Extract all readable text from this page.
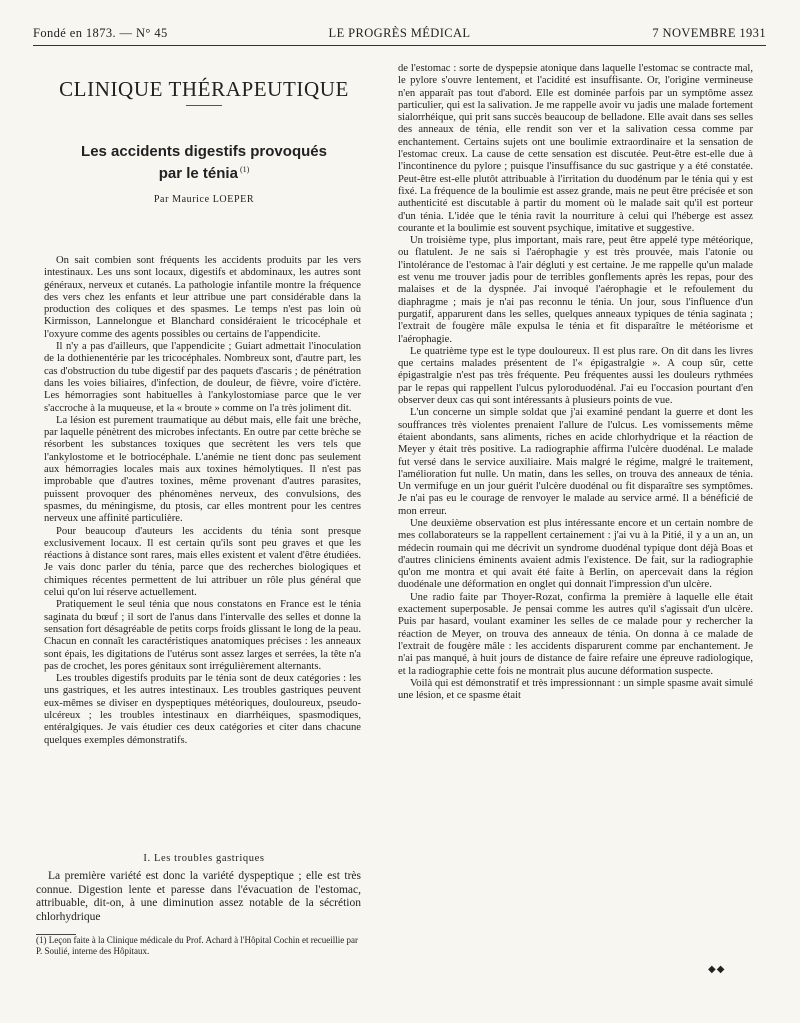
Fondé en 1873. — N° 45	LE PROGRÈS MÉDICAL	7 NOVEMBRE 1931
CLINIQUE THÉRAPEUTIQUE
Les accidents digestifs provoqués
par le ténia $^{(1)}$
Par Maurice LOEPER

On sait combien sont fréquents les accidents produits par les vers intestinaux. Les uns sont locaux, digestifs et abdominaux, les autres sont généraux, nerveux et cutanés. La pathologie infantile montre la fréquence des vers chez les enfants et leur attribue une part considérable dans la production des coliques et des spasmes. Le temps n'est pas loin où Kirmisson, Lannelongue et Blanchard considéraient le tricocéphale et l'oxyure comme des agents possibles ou certains de l'appendicite.

Il n'y a pas d'ailleurs, que l'appendicite ; Guiart admettait l'inoculation de la dothienentérie par les tricocéphales. Nombreux sont, d'autre part, les cas d'obstruction du tube digestif par des paquets d'ascaris ; de pénétration dans les voies biliaires, d'infection, de douleur, de fièvre, voire d'ictère. Les hémorragies sont habituelles à l'ankylostomiase parce que le ver s'accroche à la muqueuse, et la « broute » comme on l'a très joliment dit.

La lésion est purement traumatique au début mais, elle fait une brèche, par laquelle pénètrent des microbes infectants. En outre par cette brèche se résorbent les substances toxiques que secrètent les vers tels que l'ankylostome et le botriocéphale. L'anémie ne tient donc pas seulement aux hémorragies locales mais aux toxines hémolytiques. Il n'est pas improbable que d'autres toxines, même provenant d'autres parasites, puissent provoquer des phénomènes nerveux, des convulsions, des spasmes, du méningisme, du ptosis, car elles montrent pour les centres nerveux une affinité particulière.

Pour beaucoup d'auteurs les accidents du ténia sont presque exclusivement locaux. Il est certain qu'ils sont peu graves et que les réactions à distance sont rares, mais elles existent et valent d'être étudiées. Je vais donc parler du ténia, parce que des recherches biologiques et chimiques récentes permettent de lui attribuer un rôle plus général que celui qu'on lui réserve actuellement.

Pratiquement le seul ténia que nous constatons en France est le ténia saginata du bœuf ; il sort de l'anus dans l'intervalle des selles et donne la sensation fort désagréable de petits corps froids glissant le long de la peau. Chacun en connaît les caractéristiques anatomiques précises : les anneaux sont épais, les digitations de l'utérus sont assez larges et serrées, la tête n'a pas de crochet, les pores génitaux sont irrégulièrement alternants.

Les troubles digestifs produits par le ténia sont de deux catégories : les uns gastriques, et les autres intestinaux. Les troubles gastriques peuvent eux-mêmes se diviser en dyspeptiques météoriques, douloureux, pseudo-ulcéreux ; les troubles intestinaux en diarrhéiques, spasmodiques, entéralgiques. Je vais étudier ces deux catégories et citer dans chacune quelques exemples démonstratifs.

I. Les troubles gastriques

La première variété est donc la variété dyspeptique ; elle est très connue. Digestion lente et paresse dans l'évacuation de l'estomac, attribuable, dit-on, à une diminution assez notable de la sécrétion chlorhydrique

(1) Leçon faite à la Clinique médicale du Prof. Achard à l'Hôpital Cochin et recueillie par P. Soulié, interne des Hôpitaux.

de l'estomac : sorte de dyspepsie atonique dans laquelle l'estomac se contracte mal, le pylore s'ouvre lentement, et l'acidité est insuffisante. Or, l'origine vermineuse n'en apparaît pas tout d'abord. Elle est dominée parfois par un symptôme assez particulier, qui est la salivation. Je me rappelle avoir vu jadis une malade fortement sialorrhéique, qui prit sans succès beaucoup de belladone. Elle avait dans ses selles des anneaux de ténia, elle rendit son ver et la salivation cessa comme par enchantement. Certains sujets ont une boulimie extraordinaire et la sensation de l'estomac creux. La cause de cette sensation est discutée. Peut-être est-elle due à l'incontinence du pylore ; puisque l'insuffisance du suc gastrique y a été constatée. Peut-être est-elle plutôt attribuable à l'irritation du duodénum par le ténia qui y est fixé. La fréquence de la boulimie est assez grande, mais ne peut être précisée et son authenticité est discutable à partir du moment où le malade sait qu'il est porteur d'un ténia. L'idée que le ténia ravit la nourriture à celui qui l'héberge est assez courante et la boulimie est souvent psychique, imitative et suggestive.

Un troisième type, plus important, mais rare, peut être appelé type météorique, ou flatulent. Je ne sais si l'aérophagie y est très prouvée, mais l'atonie ou l'intolérance de l'estomac à l'air dégluti y est certaine. Je me rappelle qu'un malade est venu me trouver jadis pour de terribles gonflements après les repas, pour des malaises et de la dyspnée. J'ai invoqué l'aérophagie et le refoulement du diaphragme ; mais je n'ai pas reconnu le ténia. Un jour, sous l'influence d'un purgatif, apparurent dans les selles, quelques anneaux typiques de ténia saginata ; l'extrait de fougère mâle expulsa le ténia et fit disparaître le météorisme et l'aérophagie.

Le quatrième type est le type douloureux. Il est plus rare. On dit dans les livres que certains malades présentent de l'« épigastralgie ». A coup sûr, cette épigastralgie n'est pas très fréquente. Peu fréquentes aussi les douleurs rythmées par le repas qui rappellent l'ulcus pyloroduodénal. J'ai eu l'occasion pourtant d'en observer deux cas qui sont intéressants à plusieurs points de vue.

L'un concerne un simple soldat que j'ai examiné pendant la guerre et dont les souffrances très violentes prenaient l'allure de l'ulcus. Les vomissements même étaient abondants, sans aliments, riches en acide chlorhydrique et la réaction de Meyer y était très positive. La radiographie affirma l'ulcère duodénal. Le malade fut versé dans le service auxiliaire. Mais malgré le régime, malgré le traitement, l'amélioration fut nulle. Un matin, dans les selles, on trouva des anneaux de ténia. Un vermifuge en un jour guérit l'ulcère duodénal ou fit disparaître ses symptômes. Je n'ai pas eu le courage de renvoyer le malade au service armé. Il a bénéficié de mon erreur.

Une deuxième observation est plus intéressante encore et un certain nombre de mes collaborateurs se la rappellent certainement : j'ai vu à la Pitié, il y a un an, un médecin roumain qui me décrivit un syndrome duodénal typique dont déjà Boas et d'autres cliniciens éminents avaient admis l'existence. De fait, sur la radiographie qu'on me montra et qui avait été faite à Berlin, on apercevait dans la région duodénale une déformation en onglet qui donnait l'impression d'un ulcère.

Une radio faite par Thoyer-Rozat, confirma la première à laquelle elle était exactement superposable. Je pensai comme les autres qu'il s'agissait d'un ulcère. Puis par hasard, voulant examiner les selles de ce malade pour y rechercher la réaction de Meyer, on trouva des anneaux de ténia. On donna à ce malade de l'extrait de fougère mâle : les accidents disparurent comme par enchantement. Je n'ai pas manqué, à huit jours de distance de faire refaire une épreuve radiologique, et la radiographie cette fois ne montrait plus aucune déformation suspecte.

Voilà qui est démonstratif et très impressionnant : un simple spasme avait simulé une lésion, et ce spasme était

◆◆
